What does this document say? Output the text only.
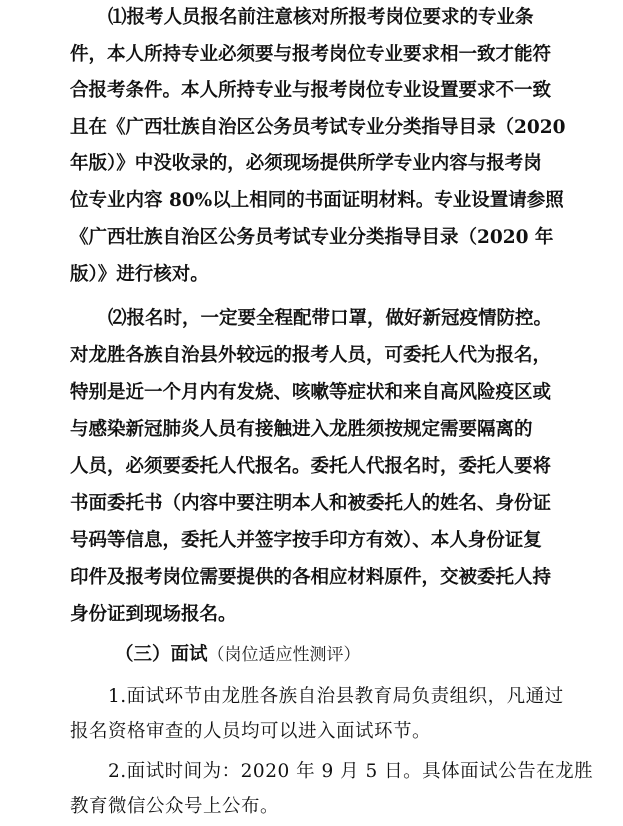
⑴报考人员报名前注意核对所报考岗位要求的专业条
件，本人所持专业必须要与报考岗位专业要求相一致才能符
合报考条件。本人所持专业与报考岗位专业设置要求不一致
且在《广西壮族自治区公务员考试专业分类指导目录（2020
年版）》中没收录的，必须现场提供所学专业内容与报考岗
位专业内容 80%以上相同的书面证明材料。专业设置请参照
《广西壮族自治区公务员考试专业分类指导目录（2020 年
版）》进行核对。
⑵报名时，一定要全程配带口罩，做好新冠疫情防控。
对龙胜各族自治县外较远的报考人员，可委托人代为报名，
特别是近一个月内有发烧、咳嗽等症状和来自高风险疫区或
与感染新冠肺炎人员有接触进入龙胜须按规定需要隔离的
人员，必须要委托人代报名。委托人代报名时，委托人要将
书面委托书（内容中要注明本人和被委托人的姓名、身份证
号码等信息，委托人并签字按手印方有效）、本人身份证复
印件及报考岗位需要提供的各相应材料原件，交被委托人持
身份证到现场报名。
（三）面试（岗位适应性测评）
1.面试环节由龙胜各族自治县教育局负责组织，凡通过
报名资格审查的人员均可以进入面试环节。
2.面试时间为：2020 年 9 月 5 日。具体面试公告在龙胜
教育微信公众号上公布。
